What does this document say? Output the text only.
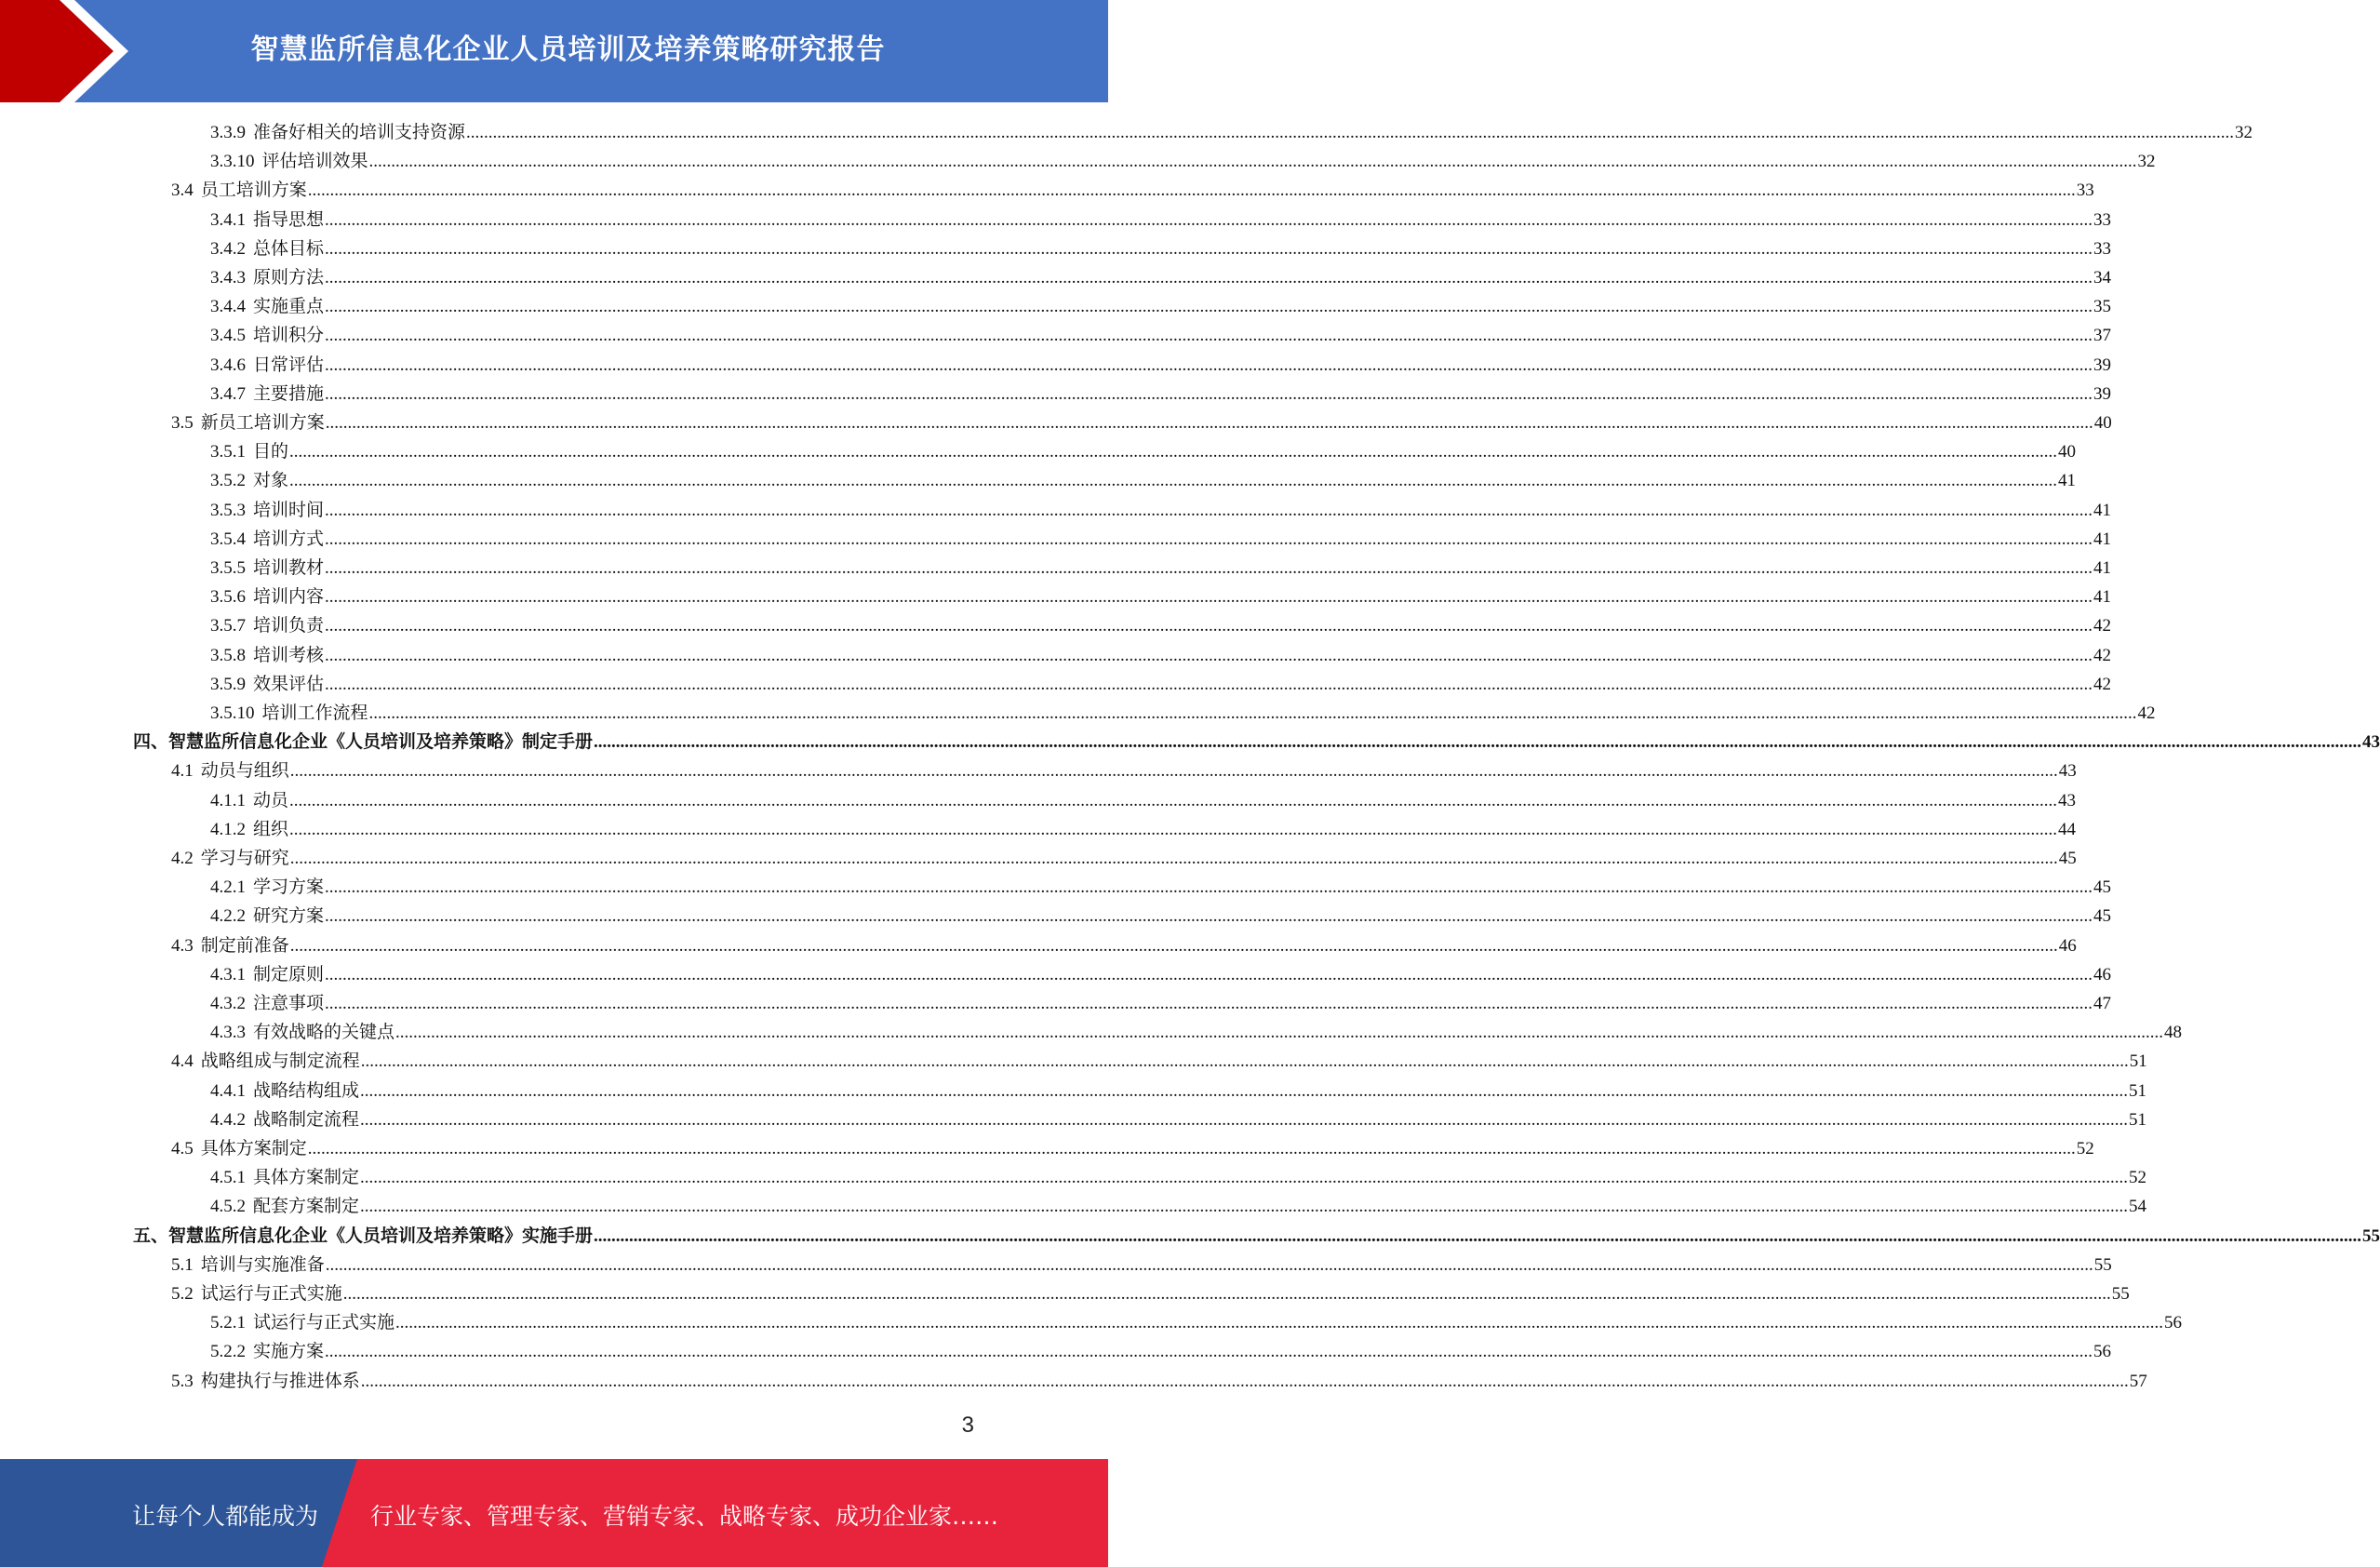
智慧监所信息化企业人员培训及培养策略研究报告
3.3.9 准备好相关的培训支持资源 ................................................................................................................................................................................................................................................................................................................................................................................................................ 32
3.3.10 评估培训效果 ................................................................................................................................................................................................................................................................................................................................................................................................................ 32
3.4 员工培训方案 ................................................................................................................................................................................................................................................................................................................................................................................................................ 33
3.4.1 指导思想 ................................................................................................................................................................................................................................................................................................................................................................................................................ 33
3.4.2 总体目标 ................................................................................................................................................................................................................................................................................................................................................................................................................ 33
3.4.3 原则方法 ................................................................................................................................................................................................................................................................................................................................................................................................................ 34
3.4.4 实施重点 ................................................................................................................................................................................................................................................................................................................................................................................................................ 35
3.4.5 培训积分 ................................................................................................................................................................................................................................................................................................................................................................................................................ 37
3.4.6 日常评估 ................................................................................................................................................................................................................................................................................................................................................................................................................ 39
3.4.7 主要措施 ................................................................................................................................................................................................................................................................................................................................................................................................................ 39
3.5 新员工培训方案 ................................................................................................................................................................................................................................................................................................................................................................................................................ 40
3.5.1 目的 ................................................................................................................................................................................................................................................................................................................................................................................................................ 40
3.5.2 对象 ................................................................................................................................................................................................................................................................................................................................................................................................................ 41
3.5.3 培训时间 ................................................................................................................................................................................................................................................................................................................................................................................................................ 41
3.5.4 培训方式 ................................................................................................................................................................................................................................................................................................................................................................................................................ 41
3.5.5 培训教材 ................................................................................................................................................................................................................................................................................................................................................................................................................ 41
3.5.6 培训内容 ................................................................................................................................................................................................................................................................................................................................................................................................................ 41
3.5.7 培训负责 ................................................................................................................................................................................................................................................................................................................................................................................................................ 42
3.5.8 培训考核 ................................................................................................................................................................................................................................................................................................................................................................................................................ 42
3.5.9 效果评估 ................................................................................................................................................................................................................................................................................................................................................................................................................ 42
3.5.10 培训工作流程 ................................................................................................................................................................................................................................................................................................................................................................................................................ 42
四、智慧监所信息化企业《人员培训及培养策略》制定手册 ................................................................................................................................................................................................................................................................................................................................................................................................................ 43
4.1 动员与组织 ................................................................................................................................................................................................................................................................................................................................................................................................................ 43
4.1.1 动员 ................................................................................................................................................................................................................................................................................................................................................................................................................ 43
4.1.2 组织 ................................................................................................................................................................................................................................................................................................................................................................................................................ 44
4.2 学习与研究 ................................................................................................................................................................................................................................................................................................................................................................................................................ 45
4.2.1 学习方案 ................................................................................................................................................................................................................................................................................................................................................................................................................ 45
4.2.2 研究方案 ................................................................................................................................................................................................................................................................................................................................................................................................................ 45
4.3 制定前准备 ................................................................................................................................................................................................................................................................................................................................................................................................................ 46
4.3.1 制定原则 ................................................................................................................................................................................................................................................................................................................................................................................................................ 46
4.3.2 注意事项 ................................................................................................................................................................................................................................................................................................................................................................................................................ 47
4.3.3 有效战略的关键点 ................................................................................................................................................................................................................................................................................................................................................................................................................ 48
4.4 战略组成与制定流程 ................................................................................................................................................................................................................................................................................................................................................................................................................ 51
4.4.1 战略结构组成 ................................................................................................................................................................................................................................................................................................................................................................................................................ 51
4.4.2 战略制定流程 ................................................................................................................................................................................................................................................................................................................................................................................................................ 51
4.5 具体方案制定 ................................................................................................................................................................................................................................................................................................................................................................................................................ 52
4.5.1 具体方案制定 ................................................................................................................................................................................................................................................................................................................................................................................................................ 52
4.5.2 配套方案制定 ................................................................................................................................................................................................................................................................................................................................................................................................................ 54
五、智慧监所信息化企业《人员培训及培养策略》实施手册 ................................................................................................................................................................................................................................................................................................................................................................................................................ 55
5.1 培训与实施准备 ................................................................................................................................................................................................................................................................................................................................................................................................................ 55
5.2 试运行与正式实施 ................................................................................................................................................................................................................................................................................................................................................................................................................ 55
5.2.1 试运行与正式实施 ................................................................................................................................................................................................................................................................................................................................................................................................................ 56
5.2.2 实施方案 ................................................................................................................................................................................................................................................................................................................................................................................................................ 56
5.3 构建执行与推进体系 ................................................................................................................................................................................................................................................................................................................................................................................................................ 57
3
让每个人都能成为 行业专家、管理专家、营销专家、战略专家、成功企业家……
